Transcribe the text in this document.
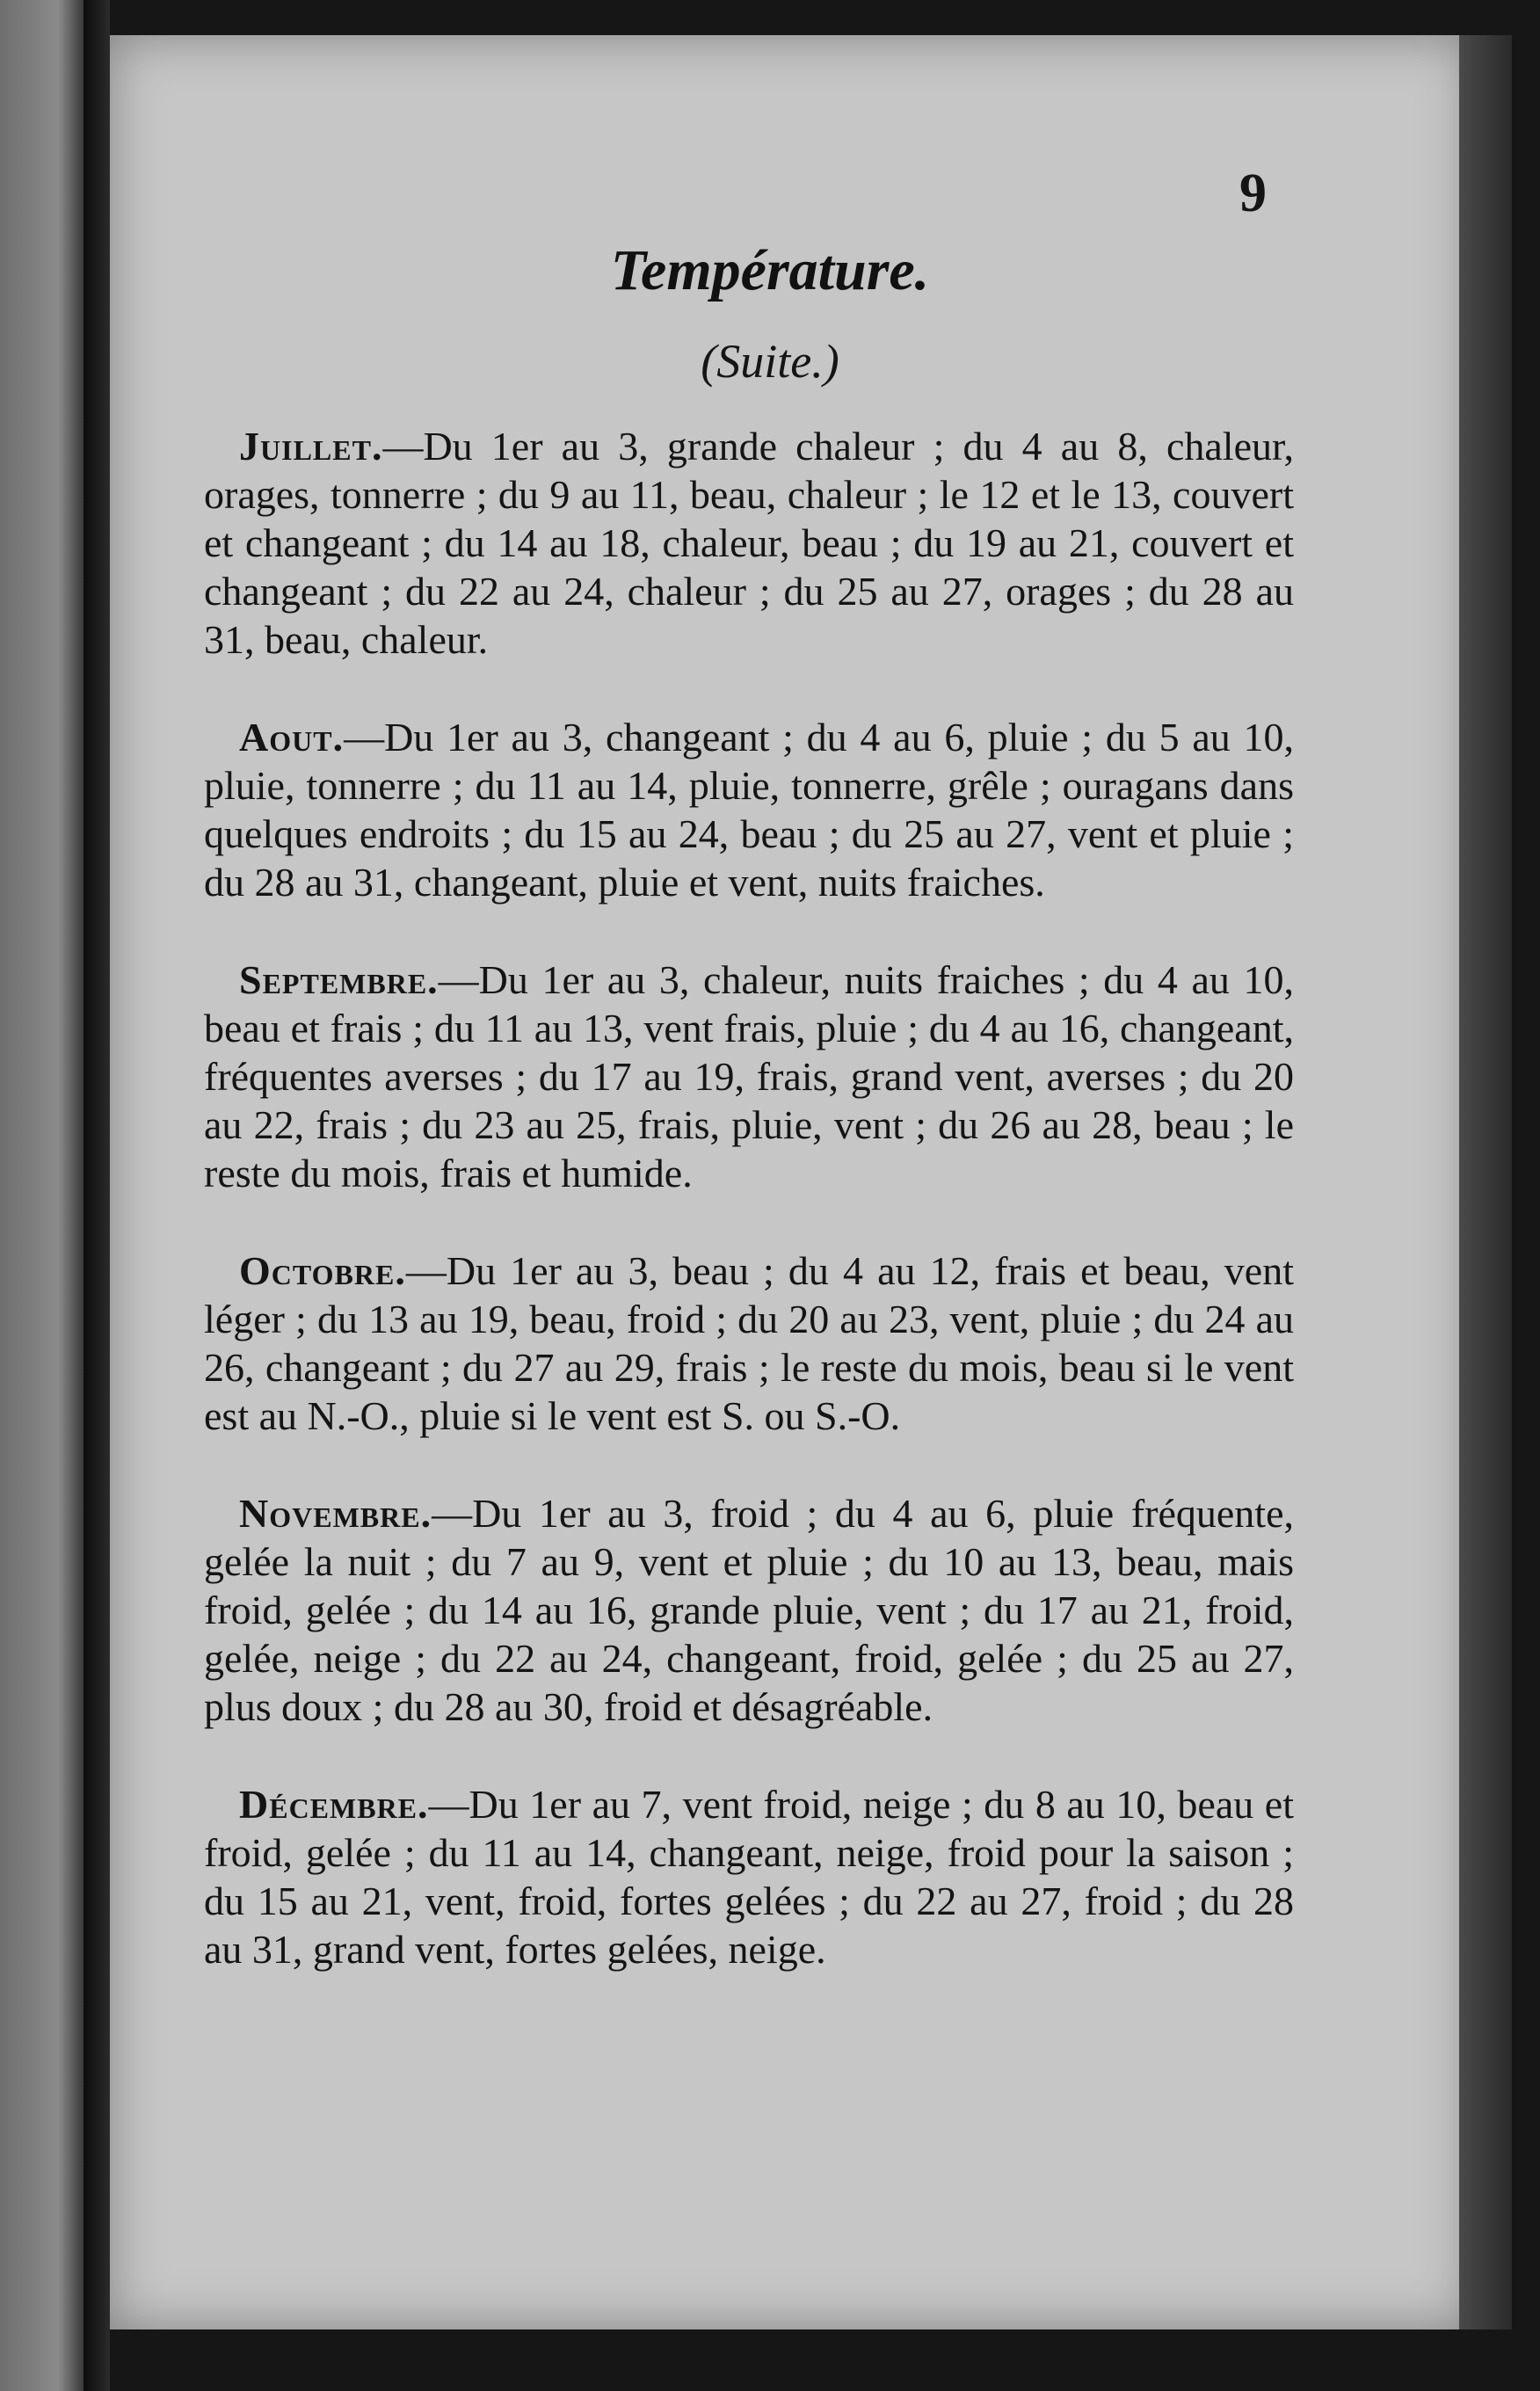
9
Température.
(Suite.)

Juillet.—Du 1er au 3, grande chaleur ; du 4 au 8, chaleur, orages, tonnerre ; du 9 au 11, beau, chaleur ; le 12 et le 13, couvert et changeant ; du 14 au 18, chaleur, beau ; du 19 au 21, couvert et changeant ; du 22 au 24, chaleur ; du 25 au 27, orages ; du 28 au 31, beau, chaleur.

Aout.—Du 1er au 3, changeant ; du 4 au 6, pluie ; du 5 au 10, pluie, tonnerre ; du 11 au 14, pluie, tonnerre, grêle ; ouragans dans quelques endroits ; du 15 au 24, beau ; du 25 au 27, vent et pluie ; du 28 au 31, changeant, pluie et vent, nuits fraiches.

Septembre.—Du 1er au 3, chaleur, nuits fraiches ; du 4 au 10, beau et frais ; du 11 au 13, vent frais, pluie ; du 4 au 16, changeant, fréquentes averses ; du 17 au 19, frais, grand vent, averses ; du 20 au 22, frais ; du 23 au 25, frais, pluie, vent ; du 26 au 28, beau ; le reste du mois, frais et humide.

Octobre.—Du 1er au 3, beau ; du 4 au 12, frais et beau, vent léger ; du 13 au 19, beau, froid ; du 20 au 23, vent, pluie ; du 24 au 26, changeant ; du 27 au 29, frais ; le reste du mois, beau si le vent est au N.-O., pluie si le vent est S. ou S.-O.

Novembre.—Du 1er au 3, froid ; du 4 au 6, pluie fréquente, gelée la nuit ; du 7 au 9, vent et pluie ; du 10 au 13, beau, mais froid, gelée ; du 14 au 16, grande pluie, vent ; du 17 au 21, froid, gelée, neige ; du 22 au 24, changeant, froid, gelée ; du 25 au 27, plus doux ; du 28 au 30, froid et désagréable.

Décembre.—Du 1er au 7, vent froid, neige ; du 8 au 10, beau et froid, gelée ; du 11 au 14, changeant, neige, froid pour la saison ; du 15 au 21, vent, froid, fortes gelées ; du 22 au 27, froid ; du 28 au 31, grand vent, fortes gelées, neige.
